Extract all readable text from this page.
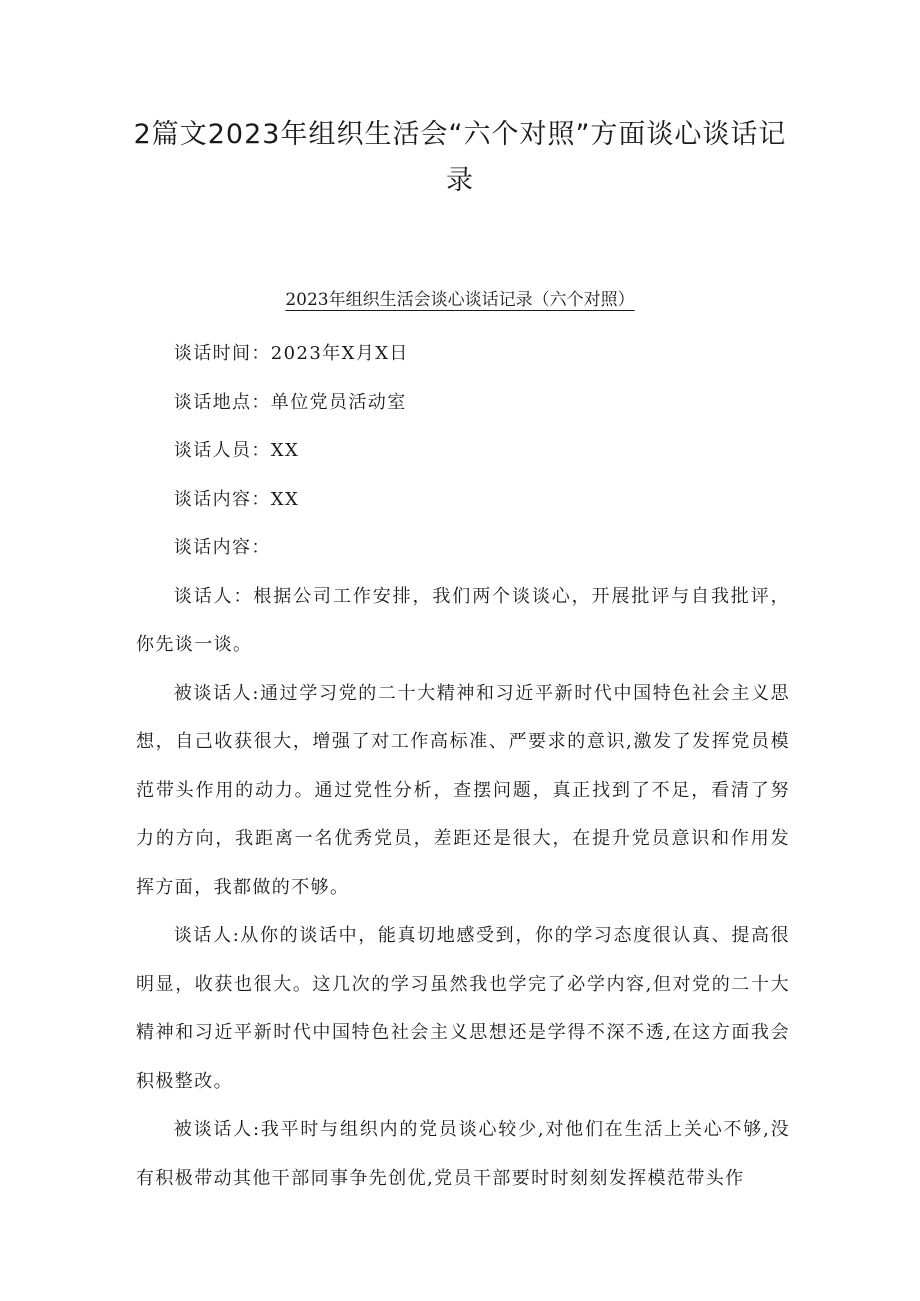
2篇文2023年组织生活会“六个对照”方面谈心谈话记录
2023年组织生活会谈心谈话记录（六个对照）

谈话时间：2023年X月X日

谈话地点：单位党员活动室

谈话人员：XX

谈话内容：XX

谈话内容：

谈话人：根据公司工作安排，我们两个谈谈心，开展批评与自我批评，你先谈一谈。

被谈话人:通过学习党的二十大精神和习近平新时代中国特色社会主义思想，自己收获很大，增强了对工作高标准、严要求的意识,激发了发挥党员模范带头作用的动力。通过党性分析，查摆问题，真正找到了不足，看清了努力的方向，我距离一名优秀党员，差距还是很大，在提升党员意识和作用发挥方面，我都做的不够。

谈话人:从你的谈话中，能真切地感受到，你的学习态度很认真、提高很明显，收获也很大。这几次的学习虽然我也学完了必学内容,但对党的二十大精神和习近平新时代中国特色社会主义思想还是学得不深不透,在这方面我会积极整改。

被谈话人:我平时与组织内的党员谈心较少,对他们在生活上关心不够,没有积极带动其他干部同事争先创优,党员干部要时时刻刻发挥模范带头作
